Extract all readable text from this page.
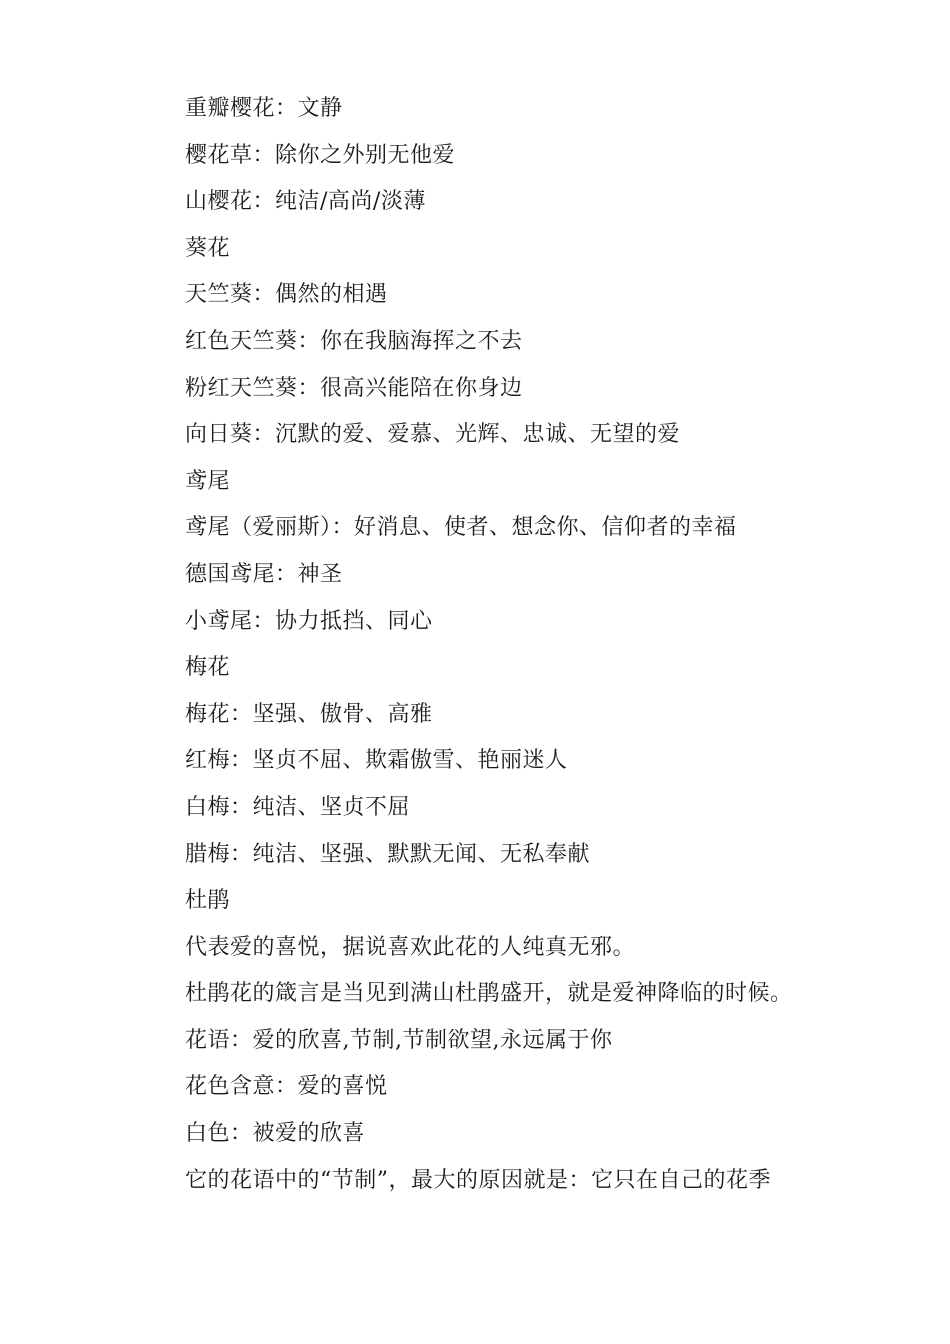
重瓣樱花：文静
樱花草：除你之外别无他爱
山樱花：纯洁/高尚/淡薄
葵花
天竺葵：偶然的相遇
红色天竺葵：你在我脑海挥之不去
粉红天竺葵：很高兴能陪在你身边
向日葵：沉默的爱、爱慕、光辉、忠诚、无望的爱
鸢尾
鸢尾（爱丽斯）：好消息、使者、想念你、信仰者的幸福
德国鸢尾：神圣
小鸢尾：协力抵挡、同心
梅花
梅花：坚强、傲骨、高雅
红梅：坚贞不屈、欺霜傲雪、艳丽迷人
白梅：纯洁、坚贞不屈
腊梅：纯洁、坚强、默默无闻、无私奉献
杜鹃
代表爱的喜悦，据说喜欢此花的人纯真无邪。
杜鹃花的箴言是当见到满山杜鹃盛开，就是爱神降临的时候。
花语：爱的欣喜,节制,节制欲望,永远属于你
花色含意：爱的喜悦
白色：被爱的欣喜
它的花语中的“节制”，最大的原因就是：它只在自己的花季
